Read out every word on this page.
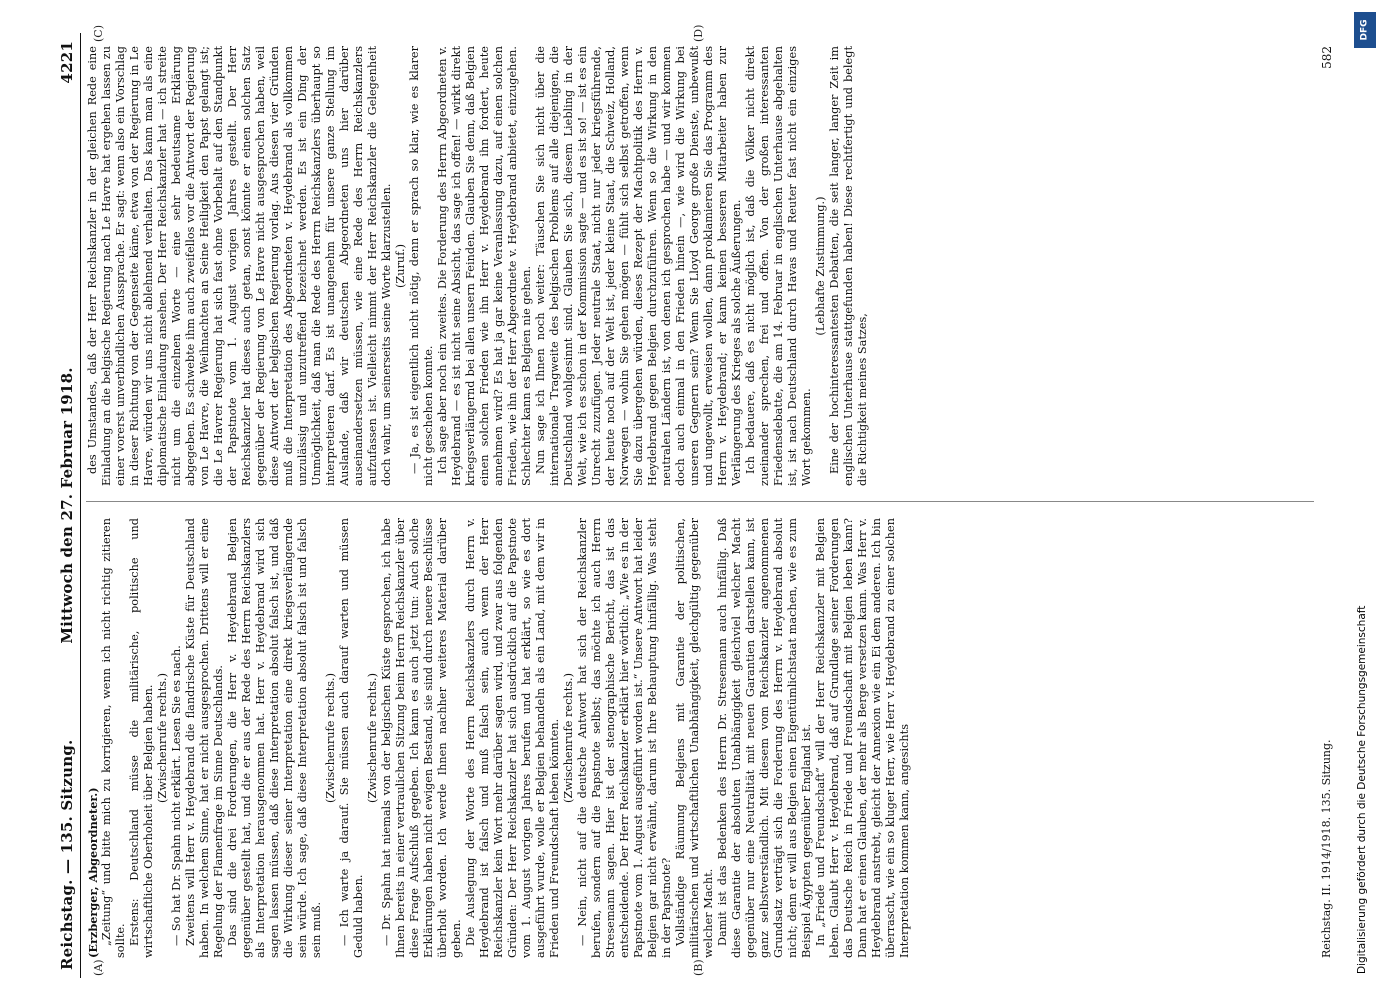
Reichstag. — 135. Sitzung.
Mittwoch den 27. Februar 1918.
4221
(A)	(B)
(C)	(D)

(Erzberger, Abgeordneter.) „Zeitung“ und bitte mich zu korrigieren, wenn ich nicht richtig zitieren sollte. Erstens: Deutschland müsse die militärische, politische und wirtschaftliche Oberhoheit über Belgien haben. (Zwischenrufe rechts.) — So hat Dr. Spahn nicht erklärt. Lesen Sie es nach. Zweitens will Herr v. Heydebrand die flandrische Küste für Deutschland haben. In welchem Sinne, hat er nicht ausgesprochen. Drittens will er eine Regelung der Flamenfrage im Sinne Deutschlands. Das sind die drei Forderungen, die Herr v. Heydebrand Belgien gegenüber gestellt hat, und die er aus der Rede des Herrn Reichskanzlers als Interpretation herausgenommen hat. Herr v. Heydebrand wird sich sagen lassen müssen, daß diese Interpretation absolut falsch ist, und daß die Wirkung dieser seiner Interpretation eine direkt kriegsverlängernde sein würde. Ich sage, daß diese Interpretation absolut falsch ist und falsch sein muß.

(Zwischenrufe rechts.) — Ich warte ja darauf. Sie müssen auch darauf warten und müssen Geduld haben.

(Zwischenrufe rechts.) — Dr. Spahn hat niemals von der belgischen Küste gesprochen, ich habe Ihnen bereits in einer vertraulichen Sitzung beim Herrn Reichskanzler über diese Frage Aufschluß gegeben. Ich kann es auch jetzt tun: Auch solche Erklärungen haben nicht ewigen Bestand, sie sind durch neuere Beschlüsse überholt worden. Ich werde Ihnen nachher weiteres Material darüber geben. Die Auslegung der Worte des Herrn Reichskanzlers durch Herrn v. Heydebrand ist falsch und muß falsch sein, auch wenn der Herr Reichskanzler kein Wort mehr darüber sagen wird, und zwar aus folgenden Gründen: Der Herr Reichskanzler hat sich ausdrücklich auf die Papstnote vom 1. August vorigen Jahres berufen und hat erklärt, so wie es dort ausgeführt wurde, wolle er Belgien behandeln als ein Land, mit dem wir in Frieden und Freundschaft leben könnten. (Zwischenrufe rechts.) — Nein, nicht auf die deutsche Antwort hat sich der Reichskanzler berufen, sondern auf die Papstnote selbst; das möchte ich auch Herrn Stresemann sagen. Hier ist der stenographische Bericht, das ist das entscheidende. Der Herr Reichskanzler erklärt hier wörtlich: „Wie es in der Papstnote vom 1. August ausgeführt worden ist.“ Unsere Antwort hat leider Belgien gar nicht erwähnt, darum ist Ihre Behauptung hinfällig. Was steht in der Papstnote? Vollständige Räumung Belgiens mit Garantie der politischen, militärischen und wirtschaftlichen Unabhängigkeit, gleichgültig gegenüber welcher Macht. Damit ist das Bedenken des Herrn Dr. Stresemann auch hinfällig. Daß diese Garantie der absoluten Unabhängigkeit gleichviel welcher Macht gegenüber nur eine Neutralität mit neuen Garantien darstellen kann, ist ganz selbstverständlich. Mit diesem vom Reichskanzler angenommenen Grundsatz verträgt sich die Forderung des Herrn v. Heydebrand absolut nicht; denn er will aus Belgien einen Eigentümlichstaat machen, wie es zum Beispiel Ägypten gegenüber England ist. In „Friede und Freundschaft“ will der Herr Reichskanzler mit Belgien leben. Glaubt Herr v. Heydebrand, daß auf Grundlage seiner Forderungen das Deutsche Reich in Friede und Freundschaft mit Belgien leben kann? Dann hat er einen Glauben, der mehr als Berge versetzen kann. Was Herr v. Heydebrand anstrebt, gleicht der Annexion wie ein Ei dem anderen. Ich bin überrascht, wie ein so kluger Herr, wie Herr v. Heydebrand zu einer solchen Interpretation kommen kann, angesichts

des Umstandes, daß der Herr Reichskanzler in der gleichen Rede eine Einladung an die belgische Regierung nach Le Havre hat ergehen lassen zu einer vorerst unverbindlichen Aussprache. Er sagt: wenn also ein Vorschlag in dieser Richtung von der Gegenseite käme, etwa von der Regierung in Le Havre, würden wir uns nicht ablehnend verhalten. Das kann man als eine diplomatische Einladung ansehen. Der Herr Reichskanzler hat — ich streite nicht um die einzelnen Worte — eine sehr bedeutsame Erklärung abgegeben. Es schwebte ihm auch zweifellos vor die Antwort der Regierung von Le Havre, die Weihnachten an Seine Heiligkeit den Papst gelangt ist; die Le Havrer Regierung hat sich fast ohne Vorbehalt auf den Standpunkt der Papstnote vom 1. August vorigen Jahres gestellt. Der Herr Reichskanzler hat dieses auch getan, sonst könnte er einen solchen Satz gegenüber der Regierung von Le Havre nicht ausgesprochen haben, weil diese Antwort der belgischen Regierung vorlag. Aus diesen vier Gründen muß die Interpretation des Abgeordneten v. Heydebrand als vollkommen unzulässig und unzutreffend bezeichnet werden. Es ist ein Ding der Unmöglichkeit, daß man die Rede des Herrn Reichskanzlers überhaupt so interpretieren darf. Es ist unangenehm für unsere ganze Stellung im Auslande, daß wir deutschen Abgeordneten uns hier darüber auseinandersetzen müssen, wie eine Rede des Herrn Reichskanzlers aufzufassen ist. Vielleicht nimmt der Herr Reichskanzler die Gelegenheit doch wahr, um seinerseits seine Worte klarzustellen. (Zuruf.) — Ja, es ist eigentlich nicht nötig, denn er sprach so klar, wie es klarer nicht geschehen konnte. Ich sage aber noch ein zweites. Die Forderung des Herrn Abgeordneten v. Heydebrand — es ist nicht seine Absicht, das sage ich offen! — wirkt direkt kriegsverlängernd bei allen unsern Feinden. Glauben Sie denn, daß Belgien einen solchen Frieden wie ihn Herr v. Heydebrand ihn fordert, heute annehmen wird? Es hat ja gar keine Veranlassung dazu, auf einen solchen Frieden, wie ihn der Herr Abgeordnete v. Heydebrand anbietet, einzugehen. Schlechter kann es Belgien nie gehen. Nun sage ich Ihnen noch weiter: Täuschen Sie sich nicht über die internationale Tragweite des belgischen Problems auf alle diejenigen, die Deutschland wohlgesinnt sind. Glauben Sie sich, diesem Liebling in der Welt, wie ich es schon in der Kommission sagte — und es ist so! — ist es ein Unrecht zuzufügen. Jeder neutrale Staat, nicht nur jeder kriegsführende, der heute noch auf der Welt ist, jeder kleine Staat, die Schweiz, Holland, Norwegen — wohin Sie gehen mögen — fühlt sich selbst getroffen, wenn Sie dazu übergehen würden, dieses Rezept der Machtpolitik des Herrn v. Heydebrand gegen Belgien durchzuführen. Wenn so die Wirkung in den neutralen Ländern ist, von denen ich gesprochen habe — und wir kommen doch auch einmal in den Frieden hinein —, wie wird die Wirkung bei unseren Gegnern sein? Wenn Sie Lloyd George große Dienste, unbewußt und ungewollt, erweisen wollen, dann proklamieren Sie das Programm des Herrn v. Heydebrand; er kann keinen besseren Mitarbeiter haben zur Verlängerung des Krieges als solche Äußerungen. Ich bedauere, daß es nicht möglich ist, daß die Völker nicht direkt zueinander sprechen, frei und offen. Von der großen interessanten Friedensdebatte, die am 14. Februar in englischen Unterhause abgehalten ist, ist nach Deutschland durch Havas und Reuter fast nicht ein einziges Wort gekommen.

(Lebhafte Zustimmung.) Eine der hochinteressantesten Debatten, die seit langer, langer Zeit im englischen Unterhause stattgefunden haben! Diese rechtfertigt und belegt die Richtigkeit meines Satzes,

Reichstag. II. 1914/1918. 135. Sitzung.
582
DFG
Digitalisierung gefördert durch die Deutsche Forschungsgemeinschaft
